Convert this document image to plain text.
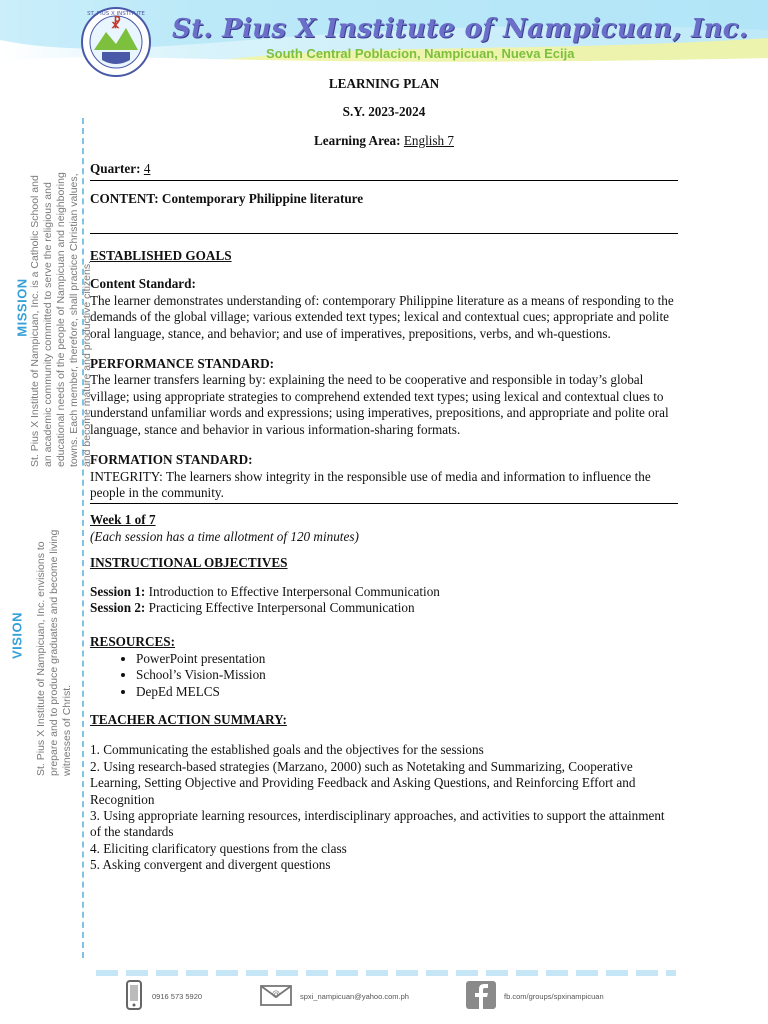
☧
ST. PIUS X INSTITUTE St. Pius X Institute of Nampicuan, Inc.
South Central Poblacion, Nampicuan, Nueva Ecija
MISSION St. Pius X Institute of Nampicuan, Inc. is a Catholic School and an academic community committed to serve the religious and educational needs of the people of Nampicuan and neighboring towns. Each member, therefore, shall practice Christian values, and become mature and productive citizens.
VISION St. Pius X Institute of Nampicuan, Inc. envisions to prepare and to produce graduates and become living witnesses of Christ.

LEARNING PLAN

S.Y. 2023-2024

Learning Area: English 7

Quarter: 4

CONTENT: Contemporary Philippine literature

ESTABLISHED GOALS

Content Standard:

The learner demonstrates understanding of: contemporary Philippine literature as a means of responding to the demands of the global village; various extended text types; lexical and contextual cues; appropriate and polite oral language, stance, and behavior; and use of imperatives, prepositions, verbs, and wh-questions.

PERFORMANCE STANDARD:

The learner transfers learning by: explaining the need to be cooperative and responsible in today’s global village; using appropriate strategies to comprehend extended text types; using lexical and contextual clues to understand unfamiliar words and expressions; using imperatives, prepositions, and appropriate and polite oral language, stance and behavior in various information-sharing formats.

FORMATION STANDARD:

INTEGRITY: The learners show integrity in the responsible use of media and information to influence the people in the community.

Week 1 of 7

(Each session has a time allotment of 120 minutes)

INSTRUCTIONAL OBJECTIVES

Session 1: Introduction to Effective Interpersonal Communication

Session 2: Practicing Effective Interpersonal Communication

RESOURCES:

• PowerPoint presentation
• School’s Vision-Mission
• DepEd MELCS

TEACHER ACTION SUMMARY:

1. Communicating the established goals and the objectives for the sessions

2. Using research-based strategies (Marzano, 2000) such as Notetaking and Summarizing, Cooperative Learning, Setting Objective and Providing Feedback and Asking Questions, and Reinforcing Effort and Recognition

3. Using appropriate learning resources, interdisciplinary approaches, and activities to support the attainment of the standards

4. Eliciting clarificatory questions from the class

5. Asking convergent and divergent questions

0916 573 5920	@	spxi_nampicuan@yahoo.com.ph	fb.com/groups/spxinampicuan
